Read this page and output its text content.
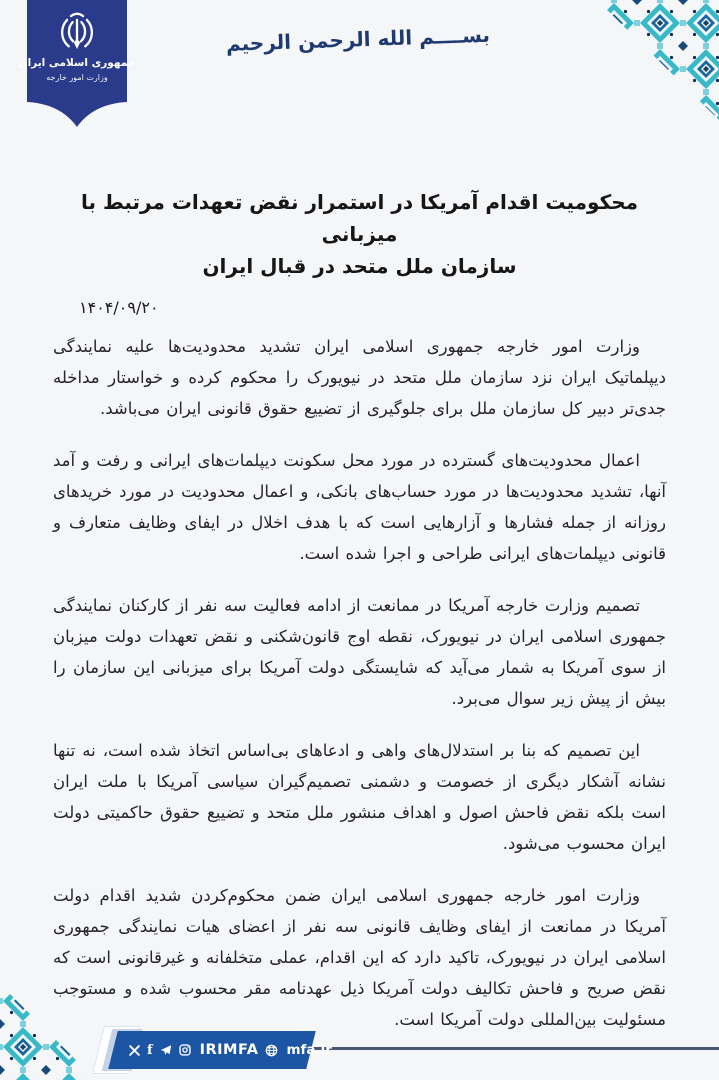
جمهوری اسلامی ایران
وزارت امور خارجه
بســــم الله الرحمن الرحیم
محکومیت اقدام آمریکا در استمرار نقض تعهدات مرتبط با میزبانی
سازمان ملل متحد در قبال ایران
۱۴۰۴/۰۹/۲۰

وزارت امور خارجه جمهوری اسلامی ایران تشدید محدودیت‌ها علیه نمایندگی دیپلماتیک ایران نزد سازمان ملل متحد در نیویورک را محکوم کرده و خواستار مداخله جدی‌تر دبیر کل سازمان ملل برای جلوگیری از تضییع حقوق قانونی ایران می‌باشد.

اعمال محدودیت‌های گسترده در مورد محل سکونت دیپلمات‌های ایرانی و رفت و آمد آنها، تشدید محدودیت‌ها در مورد حساب‌های بانکی، و اعمال محدودیت در مورد خریدهای روزانه از جمله فشارها و آزارهایی است که با هدف اخلال در ایفای وظایف متعارف و قانونی دیپلمات‌های ایرانی طراحی و اجرا شده است.

تصمیم وزارت خارجه آمریکا در ممانعت از ادامه فعالیت سه نفر از کارکنان نمایندگی جمهوری اسلامی ایران در نیویورک، نقطه اوج قانون‌شکنی و نقض تعهدات دولت میزبان از سوی آمریکا به شمار می‌آید که شایستگی دولت آمریکا برای میزبانی این سازمان را بیش از پیش زیر سوال می‌برد.

این تصمیم که بنا بر استدلال‌های واهی و ادعاهای بی‌اساس اتخاذ شده است، نه تنها نشانه آشکار دیگری از خصومت و دشمنی تصمیم‌گیران سیاسی آمریکا با ملت ایران است بلکه نقض فاحش اصول و اهداف منشور ملل متحد و تضییع حقوق حاکمیتی دولت ایران محسوب می‌شود.

وزارت امور خارجه جمهوری اسلامی ایران ضمن محکوم‌کردن شدید اقدام دولت آمریکا در ممانعت از ایفای وظایف قانونی سه نفر از اعضای هیات نمایندگی جمهوری اسلامی ایران در نیویورک، تاکید دارد که این اقدام، عملی متخلفانه و غیرقانونی است که نقض صریح و فاحش تکالیف دولت آمریکا ذیل عهدنامه مقر محسوب شده و مستوجب مسئولیت بین‌المللی دولت آمریکا است.

f	IRIMFA mfa.ir
